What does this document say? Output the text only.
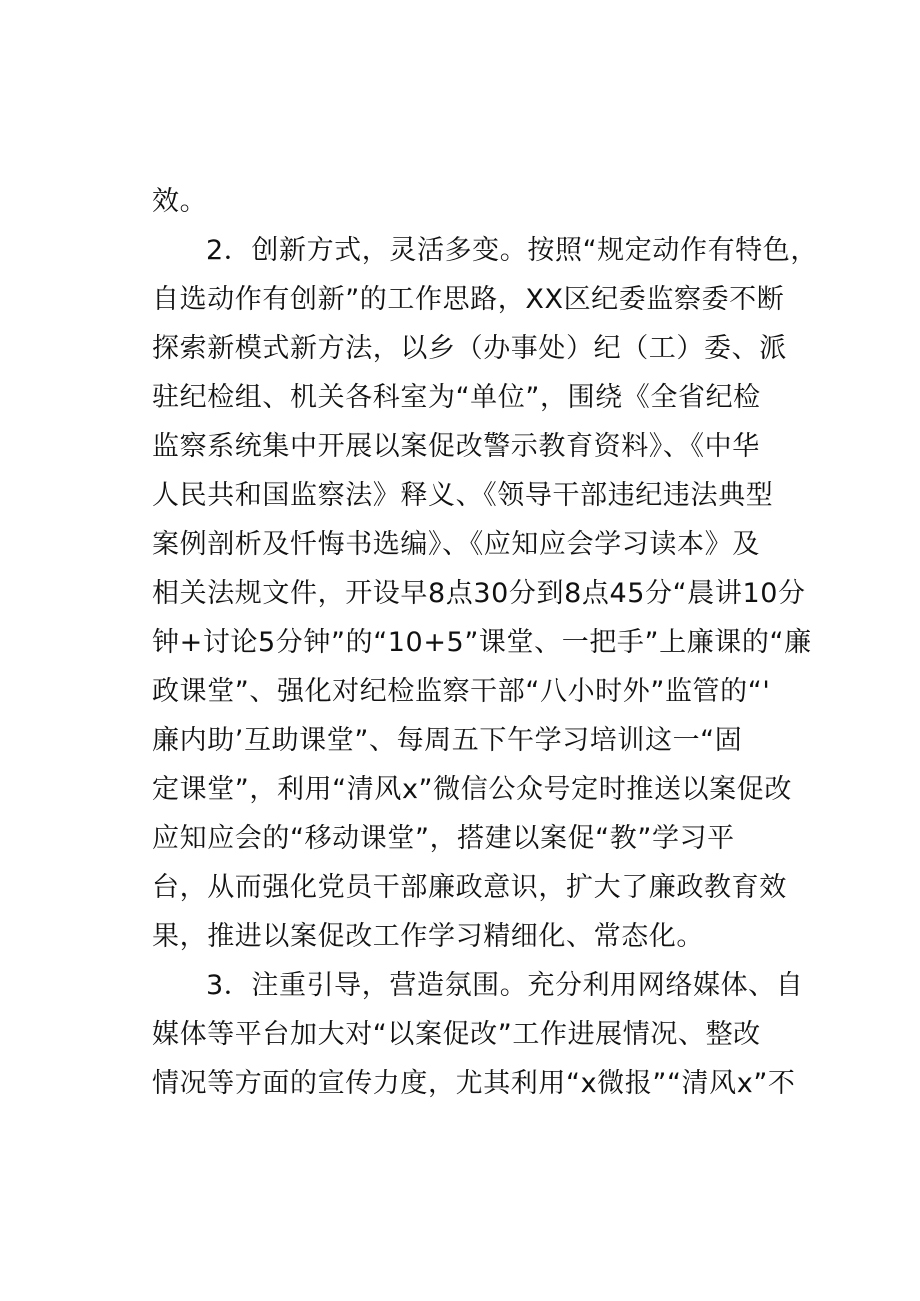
效。
2．创新方式，灵活多变。按照“规定动作有特色，
自选动作有创新”的工作思路，XX区纪委监察委不断
探索新模式新方法，以乡（办事处）纪（工）委、派
驻纪检组、机关各科室为“单位”，围绕《全省纪检
监察系统集中开展以案促改警示教育资料》、《中华
人民共和国监察法》释义、《领导干部违纪违法典型
案例剖析及忏悔书选编》、《应知应会学习读本》及
相关法规文件，开设早8点30分到8点45分“晨讲10分
钟+讨论5分钟”的“10+5”课堂、一把手”上廉课的“廉
政课堂”、强化对纪检监察干部“八小时外”监管的“'
廉内助’互助课堂”、每周五下午学习培训这一“固
定课堂”，利用“清风x”微信公众号定时推送以案促改
应知应会的“移动课堂”，搭建以案促“教”学习平
台，从而强化党员干部廉政意识，扩大了廉政教育效
果，推进以案促改工作学习精细化、常态化。
3．注重引导，营造氛围。充分利用网络媒体、自
媒体等平台加大对“以案促改”工作进展情况、整改
情况等方面的宣传力度，尤其利用“x微报”“清风x”不
